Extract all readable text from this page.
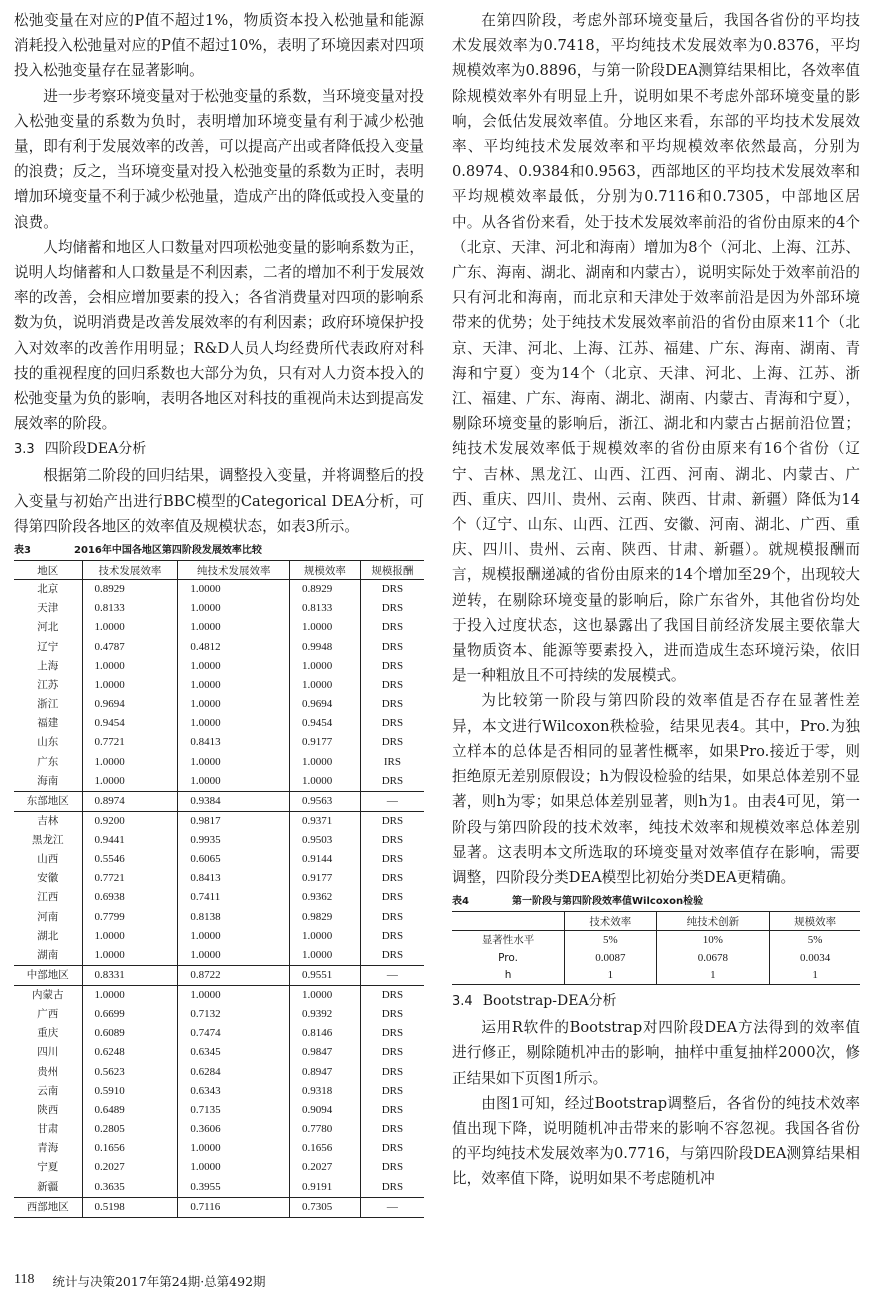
松弛变量在对应的P值不超过1%，物质资本投入松弛量和能源消耗投入松弛量对应的P值不超过10%，表明了环境因素对四项投入松弛变量存在显著影响。

进一步考察环境变量对于松弛变量的系数，当环境变量对投入松弛变量的系数为负时，表明增加环境变量有利于减少松弛量，即有利于发展效率的改善，可以提高产出或者降低投入变量的浪费；反之，当环境变量对投入松弛变量的系数为正时，表明增加环境变量不利于减少松弛量，造成产出的降低或投入变量的浪费。

人均储蓄和地区人口数量对四项松弛变量的影响系数为正，说明人均储蓄和人口数量是不利因素，二者的增加不利于发展效率的改善，会相应增加要素的投入；各省消费量对四项的影响系数为负，说明消费是改善发展效率的有利因素；政府环境保护投入对效率的改善作用明显；R&D人员人均经费所代表政府对科技的重视程度的回归系数也大部分为负，只有对人力资本投入的松弛变量为负的影响，表明各地区对科技的重视尚未达到提高发展效率的阶段。

3.3 四阶段DEA分析

根据第二阶段的回归结果，调整投入变量，并将调整后的投入变量与初始产出进行BBC模型的Categorical DEA分析，可得第四阶段各地区的效率值及规模状态，如表3所示。

表3	2016年中国各地区第四阶段发展效率比较
地区	技术发展效率	纯技术发展效率	规模效率	规模报酬
北京	0.8929	1.0000	0.8929	DRS
天津	0.8133	1.0000	0.8133	DRS
河北	1.0000	1.0000	1.0000	DRS
辽宁	0.4787	0.4812	0.9948	DRS
上海	1.0000	1.0000	1.0000	DRS
江苏	1.0000	1.0000	1.0000	DRS
浙江	0.9694	1.0000	0.9694	DRS
福建	0.9454	1.0000	0.9454	DRS
山东	0.7721	0.8413	0.9177	DRS
广东	1.0000	1.0000	1.0000	IRS
海南	1.0000	1.0000	1.0000	DRS
东部地区	0.8974	0.9384	0.9563	—
吉林	0.9200	0.9817	0.9371	DRS
黑龙江	0.9441	0.9935	0.9503	DRS
山西	0.5546	0.6065	0.9144	DRS
安徽	0.7721	0.8413	0.9177	DRS
江西	0.6938	0.7411	0.9362	DRS
河南	0.7799	0.8138	0.9829	DRS
湖北	1.0000	1.0000	1.0000	DRS
湖南	1.0000	1.0000	1.0000	DRS
中部地区	0.8331	0.8722	0.9551	—
内蒙古	1.0000	1.0000	1.0000	DRS
广西	0.6699	0.7132	0.9392	DRS
重庆	0.6089	0.7474	0.8146	DRS
四川	0.6248	0.6345	0.9847	DRS
贵州	0.5623	0.6284	0.8947	DRS
云南	0.5910	0.6343	0.9318	DRS
陕西	0.6489	0.7135	0.9094	DRS
甘肃	0.2805	0.3606	0.7780	DRS
青海	0.1656	1.0000	0.1656	DRS
宁夏	0.2027	1.0000	0.2027	DRS
新疆	0.3635	0.3955	0.9191	DRS
西部地区	0.5198	0.7116	0.7305	—

在第四阶段，考虑外部环境变量后，我国各省份的平均技术发展效率为0.7418，平均纯技术发展效率为0.8376，平均规模效率为0.8896，与第一阶段DEA测算结果相比，各效率值除规模效率外有明显上升，说明如果不考虑外部环境变量的影响，会低估发展效率值。分地区来看，东部的平均技术发展效率、平均纯技术发展效率和平均规模效率依然最高，分别为0.8974、0.9384和0.9563，西部地区的平均技术发展效率和平均规模效率最低，分别为0.7116和0.7305，中部地区居中。从各省份来看，处于技术发展效率前沿的省份由原来的4个（北京、天津、河北和海南）增加为8个（河北、上海、江苏、广东、海南、湖北、湖南和内蒙古），说明实际处于效率前沿的只有河北和海南，而北京和天津处于效率前沿是因为外部环境带来的优势；处于纯技术发展效率前沿的省份由原来11个（北京、天津、河北、上海、江苏、福建、广东、海南、湖南、青海和宁夏）变为14个（北京、天津、河北、上海、江苏、浙江、福建、广东、海南、湖北、湖南、内蒙古、青海和宁夏），剔除环境变量的影响后，浙江、湖北和内蒙古占据前沿位置；纯技术发展效率低于规模效率的省份由原来有16个省份（辽宁、吉林、黑龙江、山西、江西、河南、湖北、内蒙古、广西、重庆、四川、贵州、云南、陕西、甘肃、新疆）降低为14个（辽宁、山东、山西、江西、安徽、河南、湖北、广西、重庆、四川、贵州、云南、陕西、甘肃、新疆）。就规模报酬而言，规模报酬递减的省份由原来的14个增加至29个，出现较大逆转，在剔除环境变量的影响后，除广东省外，其他省份均处于投入过度状态，这也暴露出了我国目前经济发展主要依靠大量物质资本、能源等要素投入，进而造成生态环境污染，依旧是一种粗放且不可持续的发展模式。

为比较第一阶段与第四阶段的效率值是否存在显著性差异，本文进行Wilcoxon秩检验，结果见表4。其中，Pro.为独立样本的总体是否相同的显著性概率，如果Pro.接近于零，则拒绝原无差别原假设；h为假设检验的结果，如果总体差别不显著，则h为零；如果总体差别显著，则h为1。由表4可见，第一阶段与第四阶段的技术效率，纯技术效率和规模效率总体差别显著。这表明本文所选取的环境变量对效率值存在影响，需要调整，四阶段分类DEA模型比初始分类DEA更精确。

表4	第一阶段与第四阶段效率值Wilcoxon检验
	技术效率	纯技术创新	规模效率
显著性水平	5%	10%	5%
Pro.	0.0087	0.0678	0.0034
h	1	1	1
3.4 Bootstrap-DEA分析

运用R软件的Bootstrap对四阶段DEA方法得到的效率值进行修正，剔除随机冲击的影响，抽样中重复抽样2000次，修正结果如下页图1所示。

由图1可知，经过Bootstrap调整后，各省份的纯技术效率值出现下降，说明随机冲击带来的影响不容忽视。我国各省份的平均纯技术发展效率为0.7716，与第四阶段DEA测算结果相比，效率值下降，说明如果不考虑随机冲

118 统计与决策2017年第24期·总第492期
